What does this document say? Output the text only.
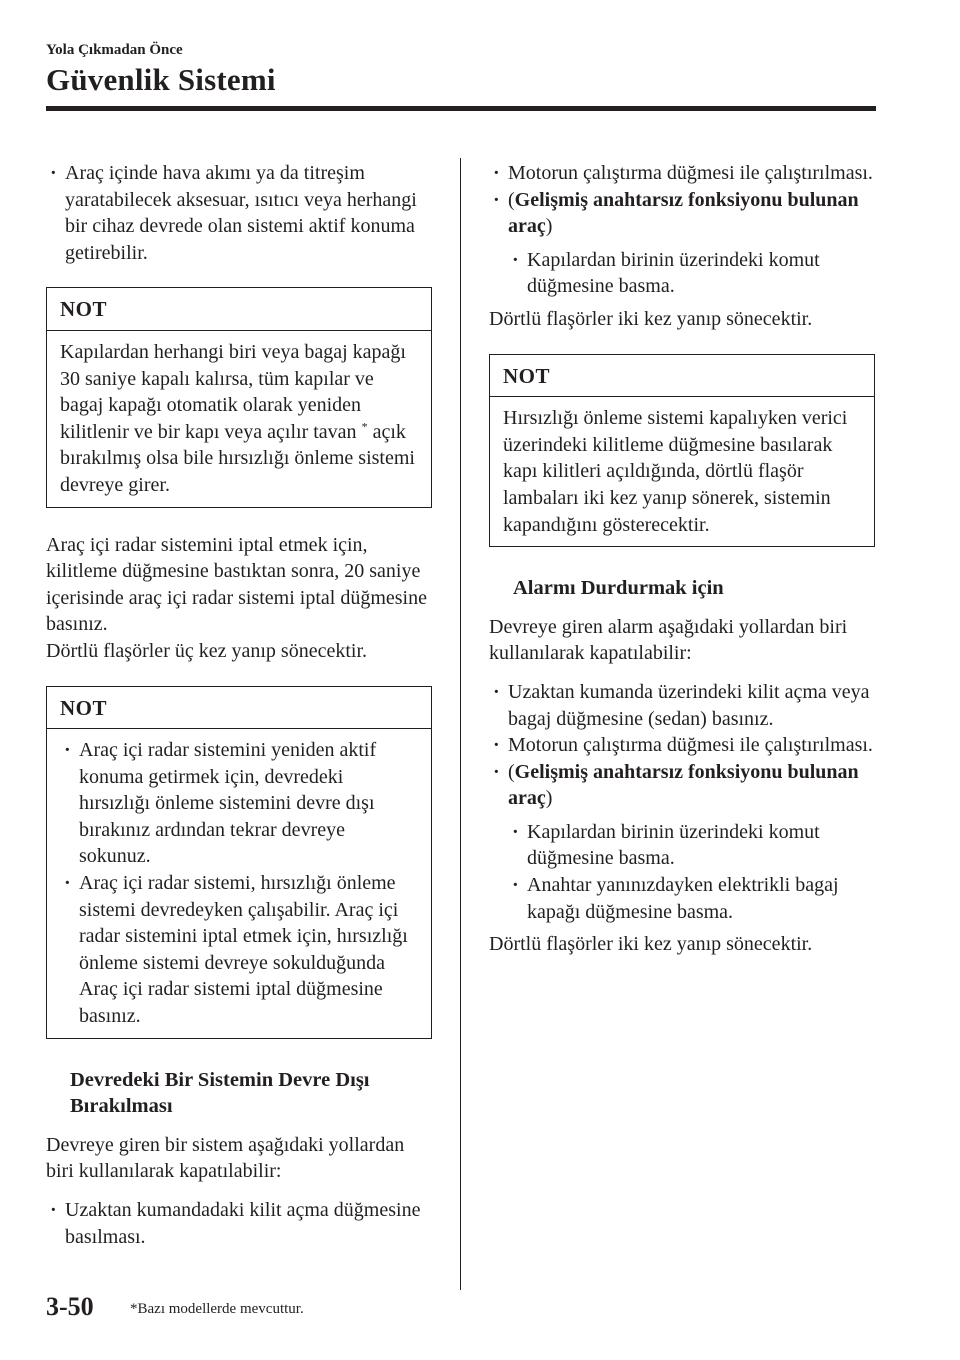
Yola Çıkmadan Önce
Güvenlik Sistemi
· Araç içinde hava akımı ya da titreşim yaratabilecek aksesuar, ısıtıcı veya herhangi bir cihaz devrede olan sistemi aktif konuma getirebilir.
NOT
Kapılardan herhangi biri veya bagaj kapağı 30 saniye kapalı kalırsa, tüm kapılar ve bagaj kapağı otomatik olarak yeniden kilitlenir ve bir kapı veya açılır tavan * açık bırakılmış olsa bile hırsızlığı önleme sistemi devreye girer.

Araç içi radar sistemini iptal etmek için, kilitleme düğmesine bastıktan sonra, 20 saniye içerisinde araç içi radar sistemi iptal düğmesine basınız.

Dörtlü flaşörler üç kez yanıp sönecektir.

NOT
· Araç içi radar sistemini yeniden aktif konuma getirmek için, devredeki hırsızlığı önleme sistemini devre dışı bırakınız ardından tekrar devreye sokunuz.
· Araç içi radar sistemi, hırsızlığı önleme sistemi devredeyken çalışabilir. Araç içi radar sistemini iptal etmek için, hırsızlığı önleme sistemi devreye sokulduğunda Araç içi radar sistemi iptal düğmesine basınız.
Devredeki Bir Sistemin Devre Dışı Bırakılması

Devreye giren bir sistem aşağıdaki yollardan biri kullanılarak kapatılabilir:

· Uzaktan kumandadaki kilit açma düğmesine basılması.
· Motorun çalıştırma düğmesi ile çalıştırılması.
· (Gelişmiş anahtarsız fonksiyonu bulunan araç)
· Kapılardan birinin üzerindeki komut düğmesine basma.

Dörtlü flaşörler iki kez yanıp sönecektir.

NOT
Hırsızlığı önleme sistemi kapalıyken verici üzerindeki kilitleme düğmesine basılarak kapı kilitleri açıldığında, dörtlü flaşör lambaları iki kez yanıp sönerek, sistemin kapandığını gösterecektir.
Alarmı Durdurmak için

Devreye giren alarm aşağıdaki yollardan biri kullanılarak kapatılabilir:

· Uzaktan kumanda üzerindeki kilit açma veya bagaj düğmesine (sedan) basınız.
· Motorun çalıştırma düğmesi ile çalıştırılması.
· (Gelişmiş anahtarsız fonksiyonu bulunan araç)
· Kapılardan birinin üzerindeki komut düğmesine basma.
· Anahtar yanınızdayken elektrikli bagaj kapağı düğmesine basma.

Dörtlü flaşörler iki kez yanıp sönecektir.

3-50 *Bazı modellerde mevcuttur.
